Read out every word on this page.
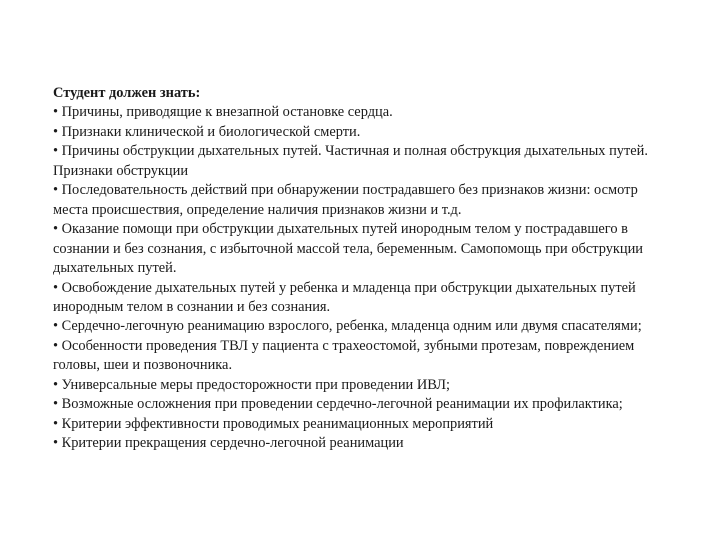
Студент должен знать:
• Причины, приводящие к внезапной остановке сердца.
• Признаки клинической и биологической смерти.
• Причины обструкции дыхательных путей. Частичная и полная обструкция дыхательных путей. Признаки обструкции
• Последовательность действий при обнаружении пострадавшего без признаков жизни: осмотр места происшествия, определение наличия признаков жизни и т.д.
• Оказание помощи при обструкции дыхательных путей инородным телом у пострадавшего в сознании и без сознания, с избыточной массой тела, беременным. Самопомощь при обструкции дыхательных путей.
• Освобождение дыхательных путей у ребенка и младенца при обструкции дыхательных путей инородным телом в сознании и без сознания.
• Сердечно-легочную реанимацию взрослого, ребенка, младенца одним или двумя спасателями;
• Особенности проведения ТВЛ у пациента с трахеостомой, зубными протезам, повреждением головы, шеи и позвоночника.
• Универсальные меры предосторожности при проведении ИВЛ;
• Возможные осложнения при проведении сердечно-легочной реанимации их профилактика;
• Критерии эффективности проводимых реанимационных мероприятий
• Критерии прекращения сердечно-легочной реанимации
